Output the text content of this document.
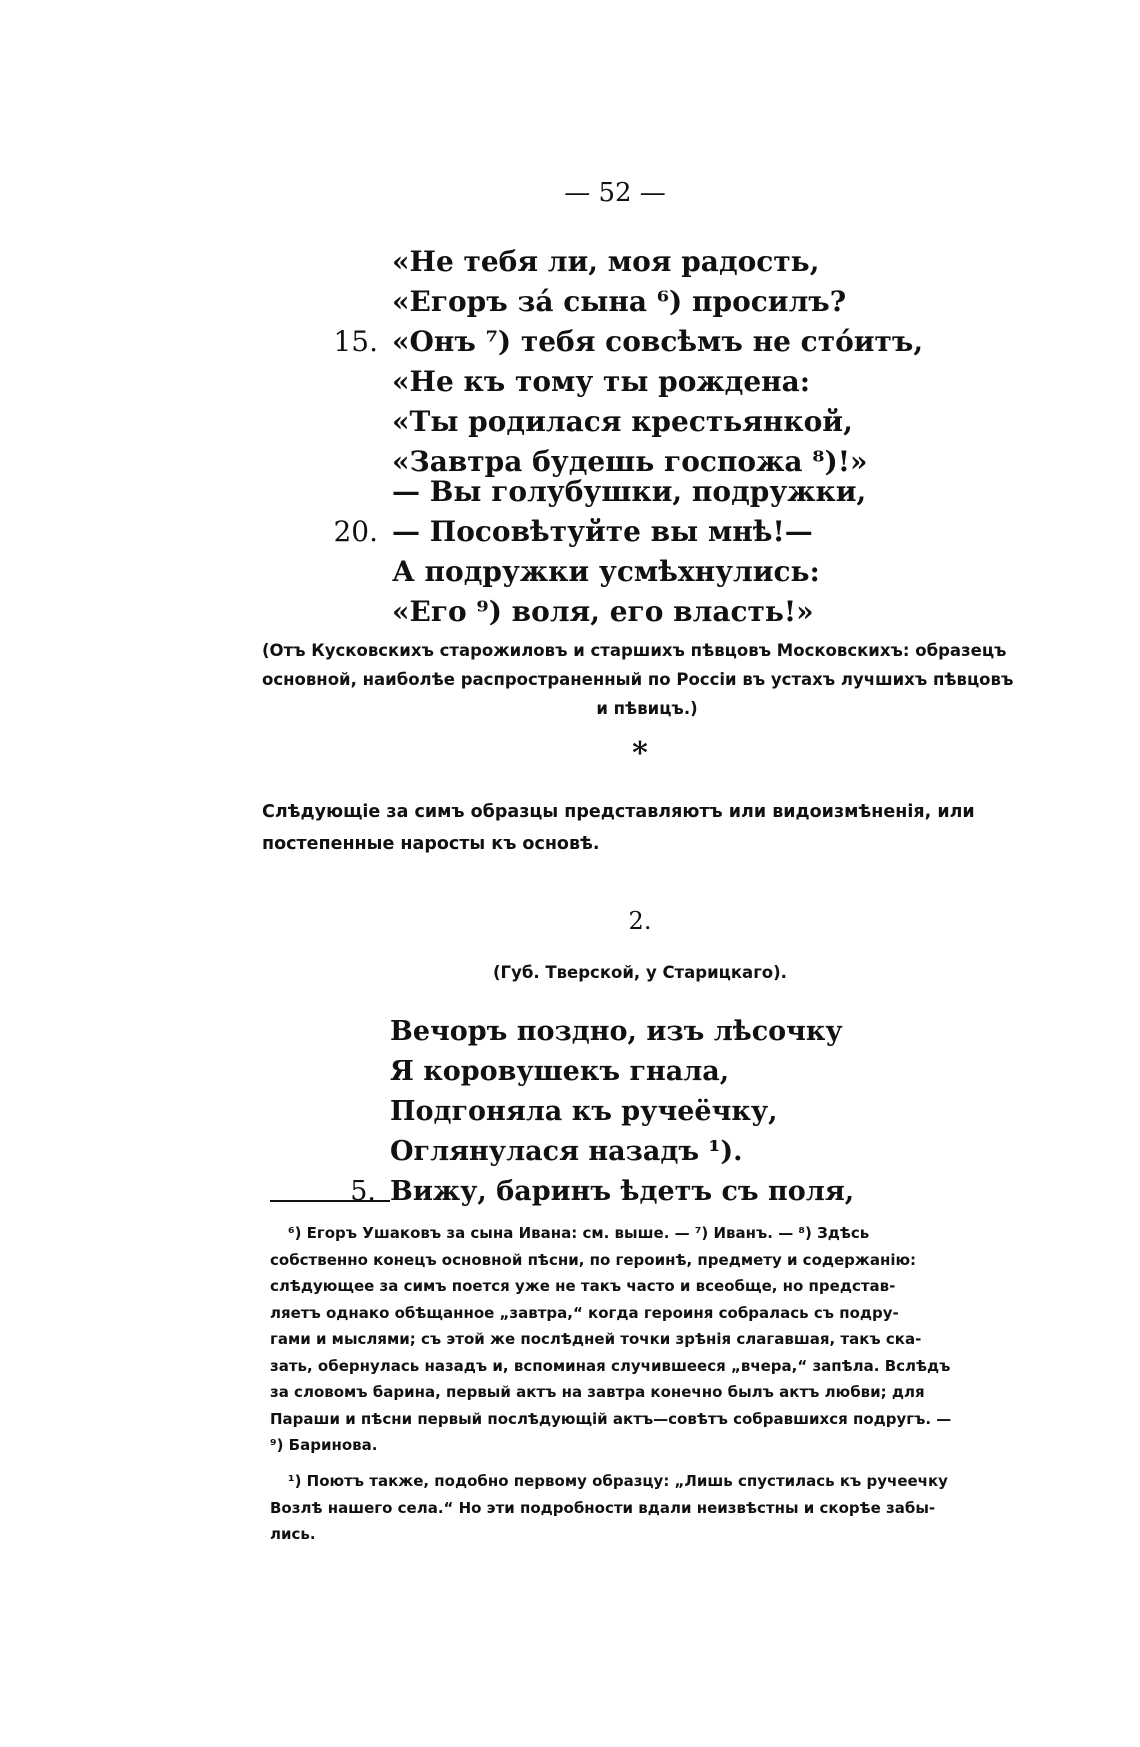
— 52 —
«Не тебя ли, моя радость,
«Егоръ зá сына ⁶) просилъ?
15. «Онъ ⁷) тебя совсѣмъ не стóитъ,
«Не къ тому ты рождена:
«Ты родилася крестьянкой,
«Завтра будешь госпожа ⁸)!»
— Вы голубушки, подружки,
20. — Посовѣтуйте вы мнѣ!—
А подружки усмѣхнулись:
«Его ⁹) воля, его власть!»
(Отъ Кусковскихъ старожиловъ и старшихъ пѣвцовъ Московскихъ: образецъ
основной, наиболѣе распространенный по Россіи въ устахъ лучшихъ пѣвцовъ
и пѣвицъ.)
*
Слѣдующіе за симъ образцы представляютъ или видоизмѣненія, или
постепенные наросты къ основѣ.
2.
(Губ. Тверской, у Старицкаго).
Вечоръ поздно, изъ лѣсочку
Я коровушекъ гнала,
Подгоняла къ ручеёчку,
Оглянулася назадъ ¹).
5. Вижу, баринъ ѣдетъ съ поля,
⁶) Егоръ Ушаковъ за сына Ивана: см. выше. — ⁷) Иванъ. — ⁸) Здѣсь
собственно конецъ основной пѣсни, по героинѣ, предмету и содержанію:
слѣдующее за симъ поется уже не такъ часто и всеобще, но представ-
ляетъ однако обѣщанное „завтра,“ когда героиня собралась съ подру-
гами и мыслями; съ этой же послѣдней точки зрѣнія слагавшая, такъ ска-
зать, обернулась назадъ и, вспоминая случившееся „вчера,“ запѣла. Вслѣдъ
за словомъ барина, первый актъ на завтра конечно былъ актъ любви; для
Параши и пѣсни первый послѣдующій актъ—совѣтъ собравшихся подругъ. —
⁹) Баринова.
¹) Поютъ также, подобно первому образцу: „Лишь спустилась къ ручеечку
Возлѣ нашего села.“ Но эти подробности вдали неизвѣстны и скорѣе забы-
лись.
